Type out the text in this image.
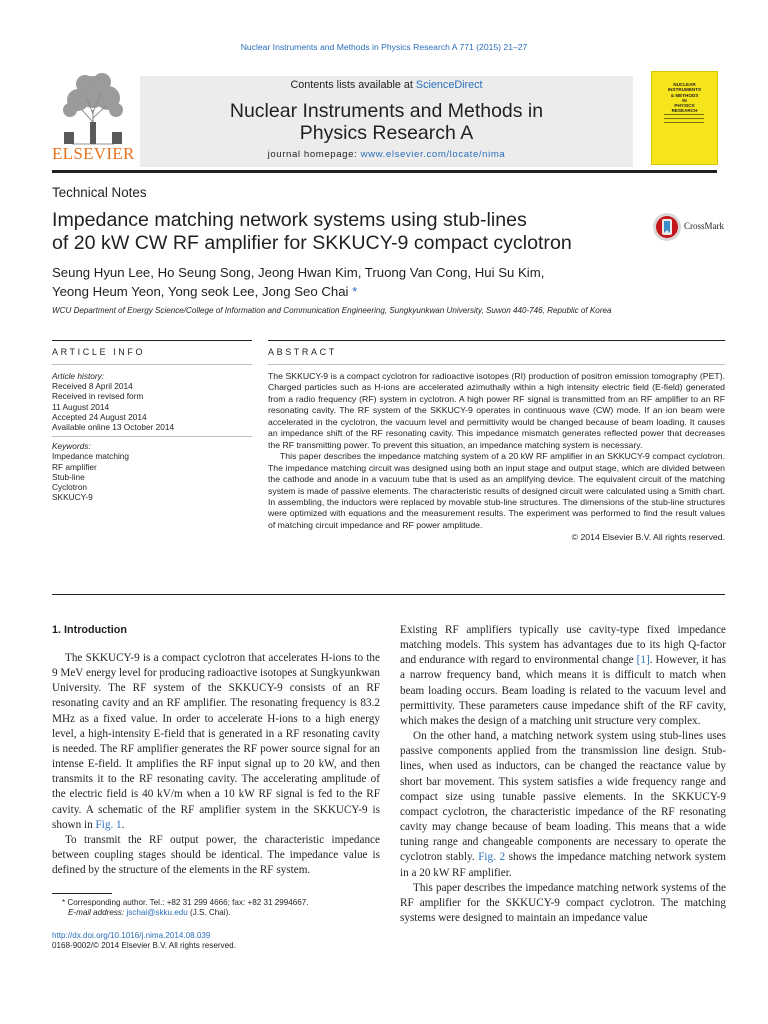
Nuclear Instruments and Methods in Physics Research A 771 (2015) 21–27
ELSEVIER
Contents lists available at ScienceDirect
Nuclear Instruments and Methods in
Physics Research A
journal homepage: www.elsevier.com/locate/nima
NUCLEAR
INSTRUMENTS
& METHODS
IN
PHYSICS
RESEARCH
Technical Notes
Impedance matching network systems using stub-lines
of 20 kW CW RF amplifier for SKKUCY-9 compact cyclotron
CrossMark
Seung Hyun Lee, Ho Seung Song, Jeong Hwan Kim, Truong Van Cong, Hui Su Kim,
Yeong Heum Yeon, Yong seok Lee, Jong Seo Chai *
WCU Department of Energy Science/College of Information and Communication Engineering, Sungkyunkwan University, Suwon 440-746, Republic of Korea
ARTICLE INFO	ABSTRACT
Article history:
Received 8 April 2014
Received in revised form
11 August 2014
Accepted 24 August 2014
Available online 13 October 2014
Keywords:
Impedance matching
RF amplifier
Stub-line
Cyclotron
SKKUCY-9

The SKKUCY-9 is a compact cyclotron for radioactive isotopes (RI) production of positron emission tomography (PET). Charged particles such as H-ions are accelerated azimuthally within a high intensity electric field (E-field) generated from a radio frequency (RF) system in cyclotron. A high power RF signal is transmitted from an RF amplifier to an RF resonating cavity. The RF system of the SKKUCY-9 operates in continuous wave (CW) mode. If an ion beam were accelerated in the cyclotron, the vacuum level and permittivity would be changed because of beam loading. It causes an impedance shift of the RF resonating cavity. This impedance mismatch generates reflected power that decreases the RF transmitting power. To prevent this situation, an impedance matching system is necessary.

This paper describes the impedance matching system of a 20 kW RF amplifier in an SKKUCY-9 compact cyclotron. The impedance matching circuit was designed using both an input stage and output stage, which are divided between the cathode and anode in a vacuum tube that is used as an amplifying device. The equivalent circuit of the matching system is made of passive elements. The characteristic results of designed circuit were calculated using a Smith chart. In assembling, the inductors were replaced by movable stub-line structures. The dimensions of the stub-line structures were optimized with equations and the measurement results. The experiment was performed to find the result values of matching circuit impedance and RF power amplitude.

© 2014 Elsevier B.V. All rights reserved.
1. Introduction

The SKKUCY-9 is a compact cyclotron that accelerates H-ions to the 9 MeV energy level for producing radioactive isotopes at Sungkyunkwan University. The RF system of the SKKUCY-9 consists of an RF resonating cavity and an RF amplifier. The resonating frequency is 83.2 MHz as a fixed value. In order to accelerate H-ions to a high energy level, a high-intensity E-field that is generated in a RF resonating cavity is needed. The RF amplifier generates the RF power source signal for an intense E-field. It amplifies the RF input signal up to 20 kW, and then transmits it to the RF resonating cavity. The accelerating amplitude of the electric field is 40 kV/m when a 10 kW RF signal is fed to the RF cavity. A schematic of the RF amplifier system in the SKKUCY-9 is shown in Fig. 1.

To transmit the RF output power, the characteristic impedance between coupling stages should be identical. The impedance value is defined by the structure of the elements in the RF system.

Existing RF amplifiers typically use cavity-type fixed impedance matching models. This system has advantages due to its high Q-factor and endurance with regard to environmental change [1]. However, it has a narrow frequency band, which means it is difficult to match when beam loading occurs. Beam loading is related to the vacuum level and permittivity. These parameters cause impedance shift of the RF cavity, which makes the design of a matching unit structure very complex.

On the other hand, a matching network system using stub-lines uses passive components applied from the transmission line design. Stub-lines, when used as inductors, can be changed the reactance value by short bar movement. This system satisfies a wide frequency range and compact size using tunable passive elements. In the SKKUCY-9 compact cyclotron, the characteristic impedance of the RF resonating cavity may change because of beam loading. This means that a wide tuning range and changeable components are necessary to operate the cyclotron stably. Fig. 2 shows the impedance matching network system in a 20 kW RF amplifier.

This paper describes the impedance matching network systems of the RF amplifier for the SKKUCY-9 compact cyclotron. The matching systems were designed to maintain an impedance value

* Corresponding author. Tel.: +82 31 299 4666; fax: +82 31 2994667.
E-mail address: jschai@skku.edu (J.S. Chai).
http://dx.doi.org/10.1016/j.nima.2014.08.039
0168-9002/© 2014 Elsevier B.V. All rights reserved.
